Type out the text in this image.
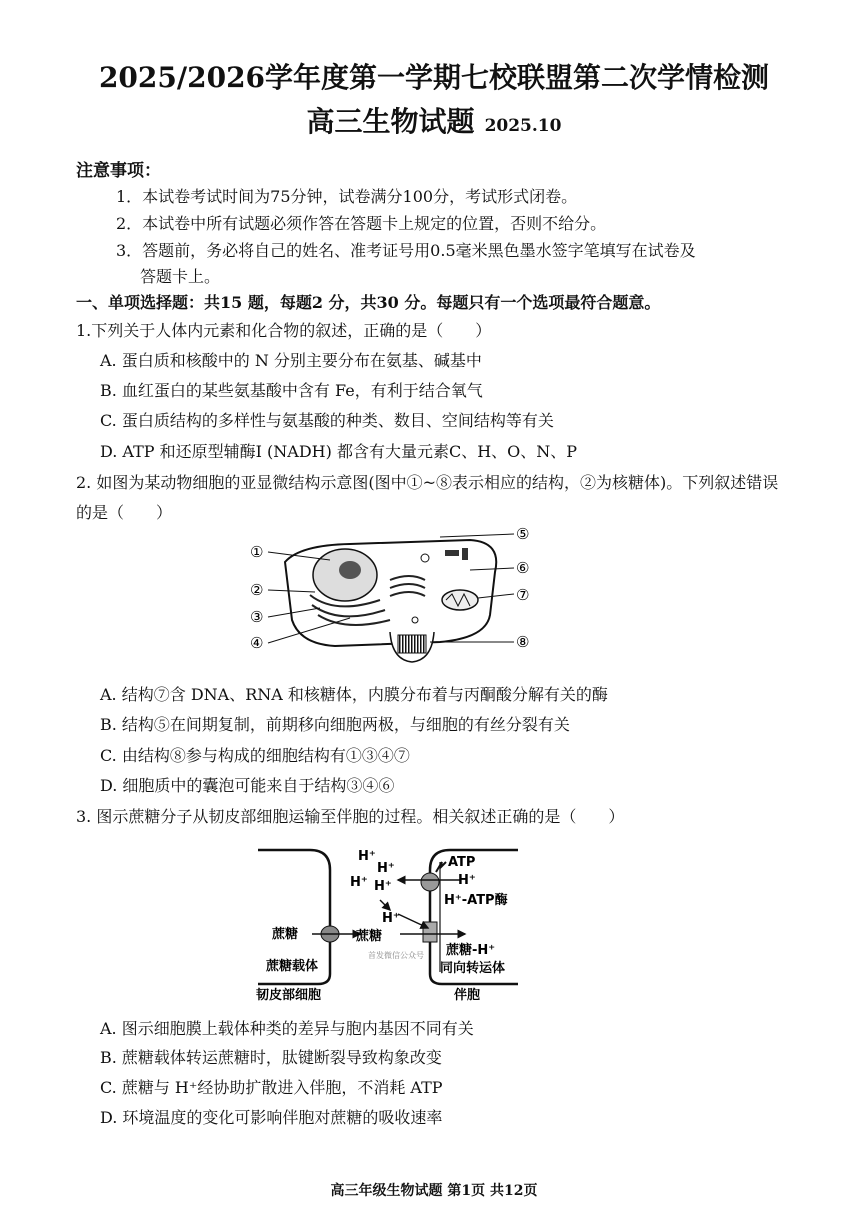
2025/2026学年度第一学期七校联盟第二次学情检测
高三生物试题 2025.10
注意事项：
1．本试卷考试时间为75分钟，试卷满分100分，考试形式闭卷。
2．本试卷中所有试题必须作答在答题卡上规定的位置，否则不给分。
3．答题前，务必将自己的姓名、准考证号用0.5毫米黑色墨水签字笔填写在试卷及
答题卡上。
一、单项选择题：共15 题，每题2 分，共30 分。每题只有一个选项最符合题意。
1.下列关于人体内元素和化合物的叙述，正确的是（　　）
A. 蛋白质和核酸中的 N 分别主要分布在氨基、碱基中
B. 血红蛋白的某些氨基酸中含有 Fe，有利于结合氧气
C. 蛋白质结构的多样性与氨基酸的种类、数目、空间结构等有关
D. ATP 和还原型辅酶Ⅰ (NADH) 都含有大量元素C、H、O、N、P
2. 如图为某动物细胞的亚显微结构示意图(图中①~⑧表示相应的结构，②为核糖体)。下列叙述错误
的是（　　）
①
②
③
④
⑤
⑥
⑦
⑧
A. 结构⑦含 DNA、RNA 和核糖体，内膜分布着与丙酮酸分解有关的酶
B. 结构⑤在间期复制，前期移向细胞两极，与细胞的有丝分裂有关
C. 由结构⑧参与构成的细胞结构有①③④⑦
D. 细胞质中的囊泡可能来自于结构③④⑥
3. 图示蔗糖分子从韧皮部细胞运输至伴胞的过程。相关叙述正确的是（　　）
H⁺
H⁺
H⁺ H⁺
H⁺
ATP
H⁺
H⁺-ATP酶
蔗糖	蔗糖
蔗糖载体
蔗糖-H⁺
同向转运体
首发微信公众号
韧皮部细胞	伴胞
A. 图示细胞膜上载体种类的差异与胞内基因不同有关
B. 蔗糖载体转运蔗糖时，肽键断裂导致构象改变
C. 蔗糖与 H⁺经协助扩散进入伴胞，不消耗 ATP
D. 环境温度的变化可影响伴胞对蔗糖的吸收速率
高三年级生物试题 第1页 共12页
